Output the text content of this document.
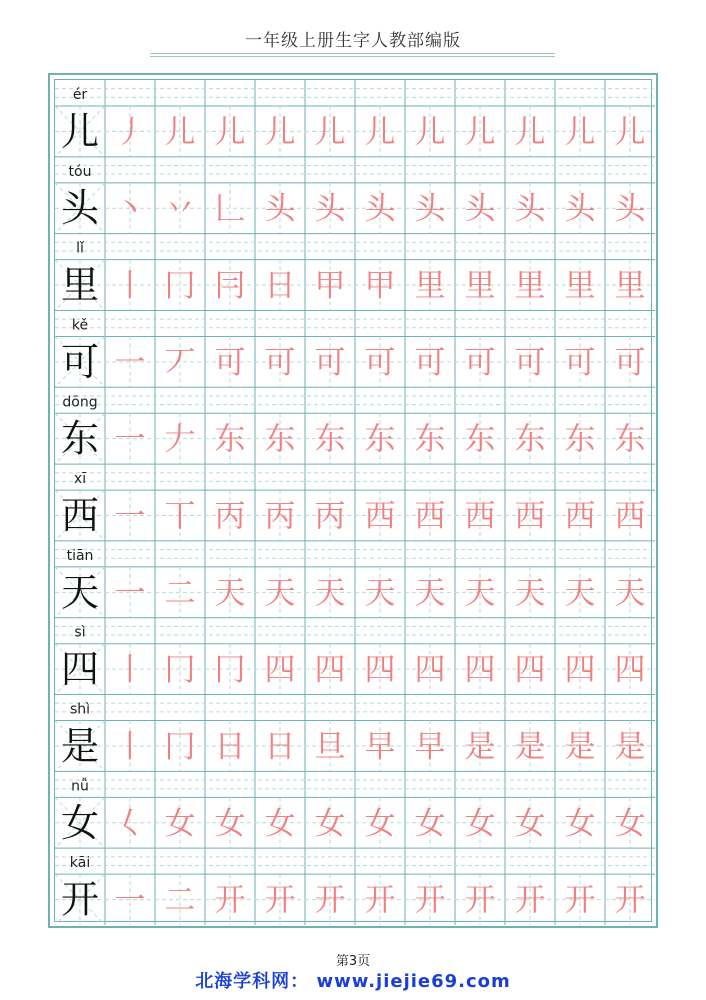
一年级上册生字人教部编版
ér
儿 丿 儿 儿 儿 儿 儿 儿 儿 儿 儿 儿
tóu
头 丶 丷 𠃊 头 头 头 头 头 头 头 头
lǐ
里 丨 冂 冃 日 甲 甲 里 里 里 里 里
kě
可 一 丆 可 可 可 可 可 可 可 可 可
dōng
东 一 𠂇 东 东 东 东 东 东 东 东 东
xī
西 一 丅 丙 丙 丙 西 西 西 西 西 西
tiān
天 一 二 天 天 天 天 天 天 天 天 天
sì
四 丨 冂 冂 四 四 四 四 四 四 四 四
shì
是 丨 冂 日 日 旦 早 早 是 是 是 是
nǚ
女 𡿨 女 女 女 女 女 女 女 女 女 女
kāi
开 一 二 开 开 开 开 开 开 开 开 开
第3页
北海学科网： www.jiejie69.com
